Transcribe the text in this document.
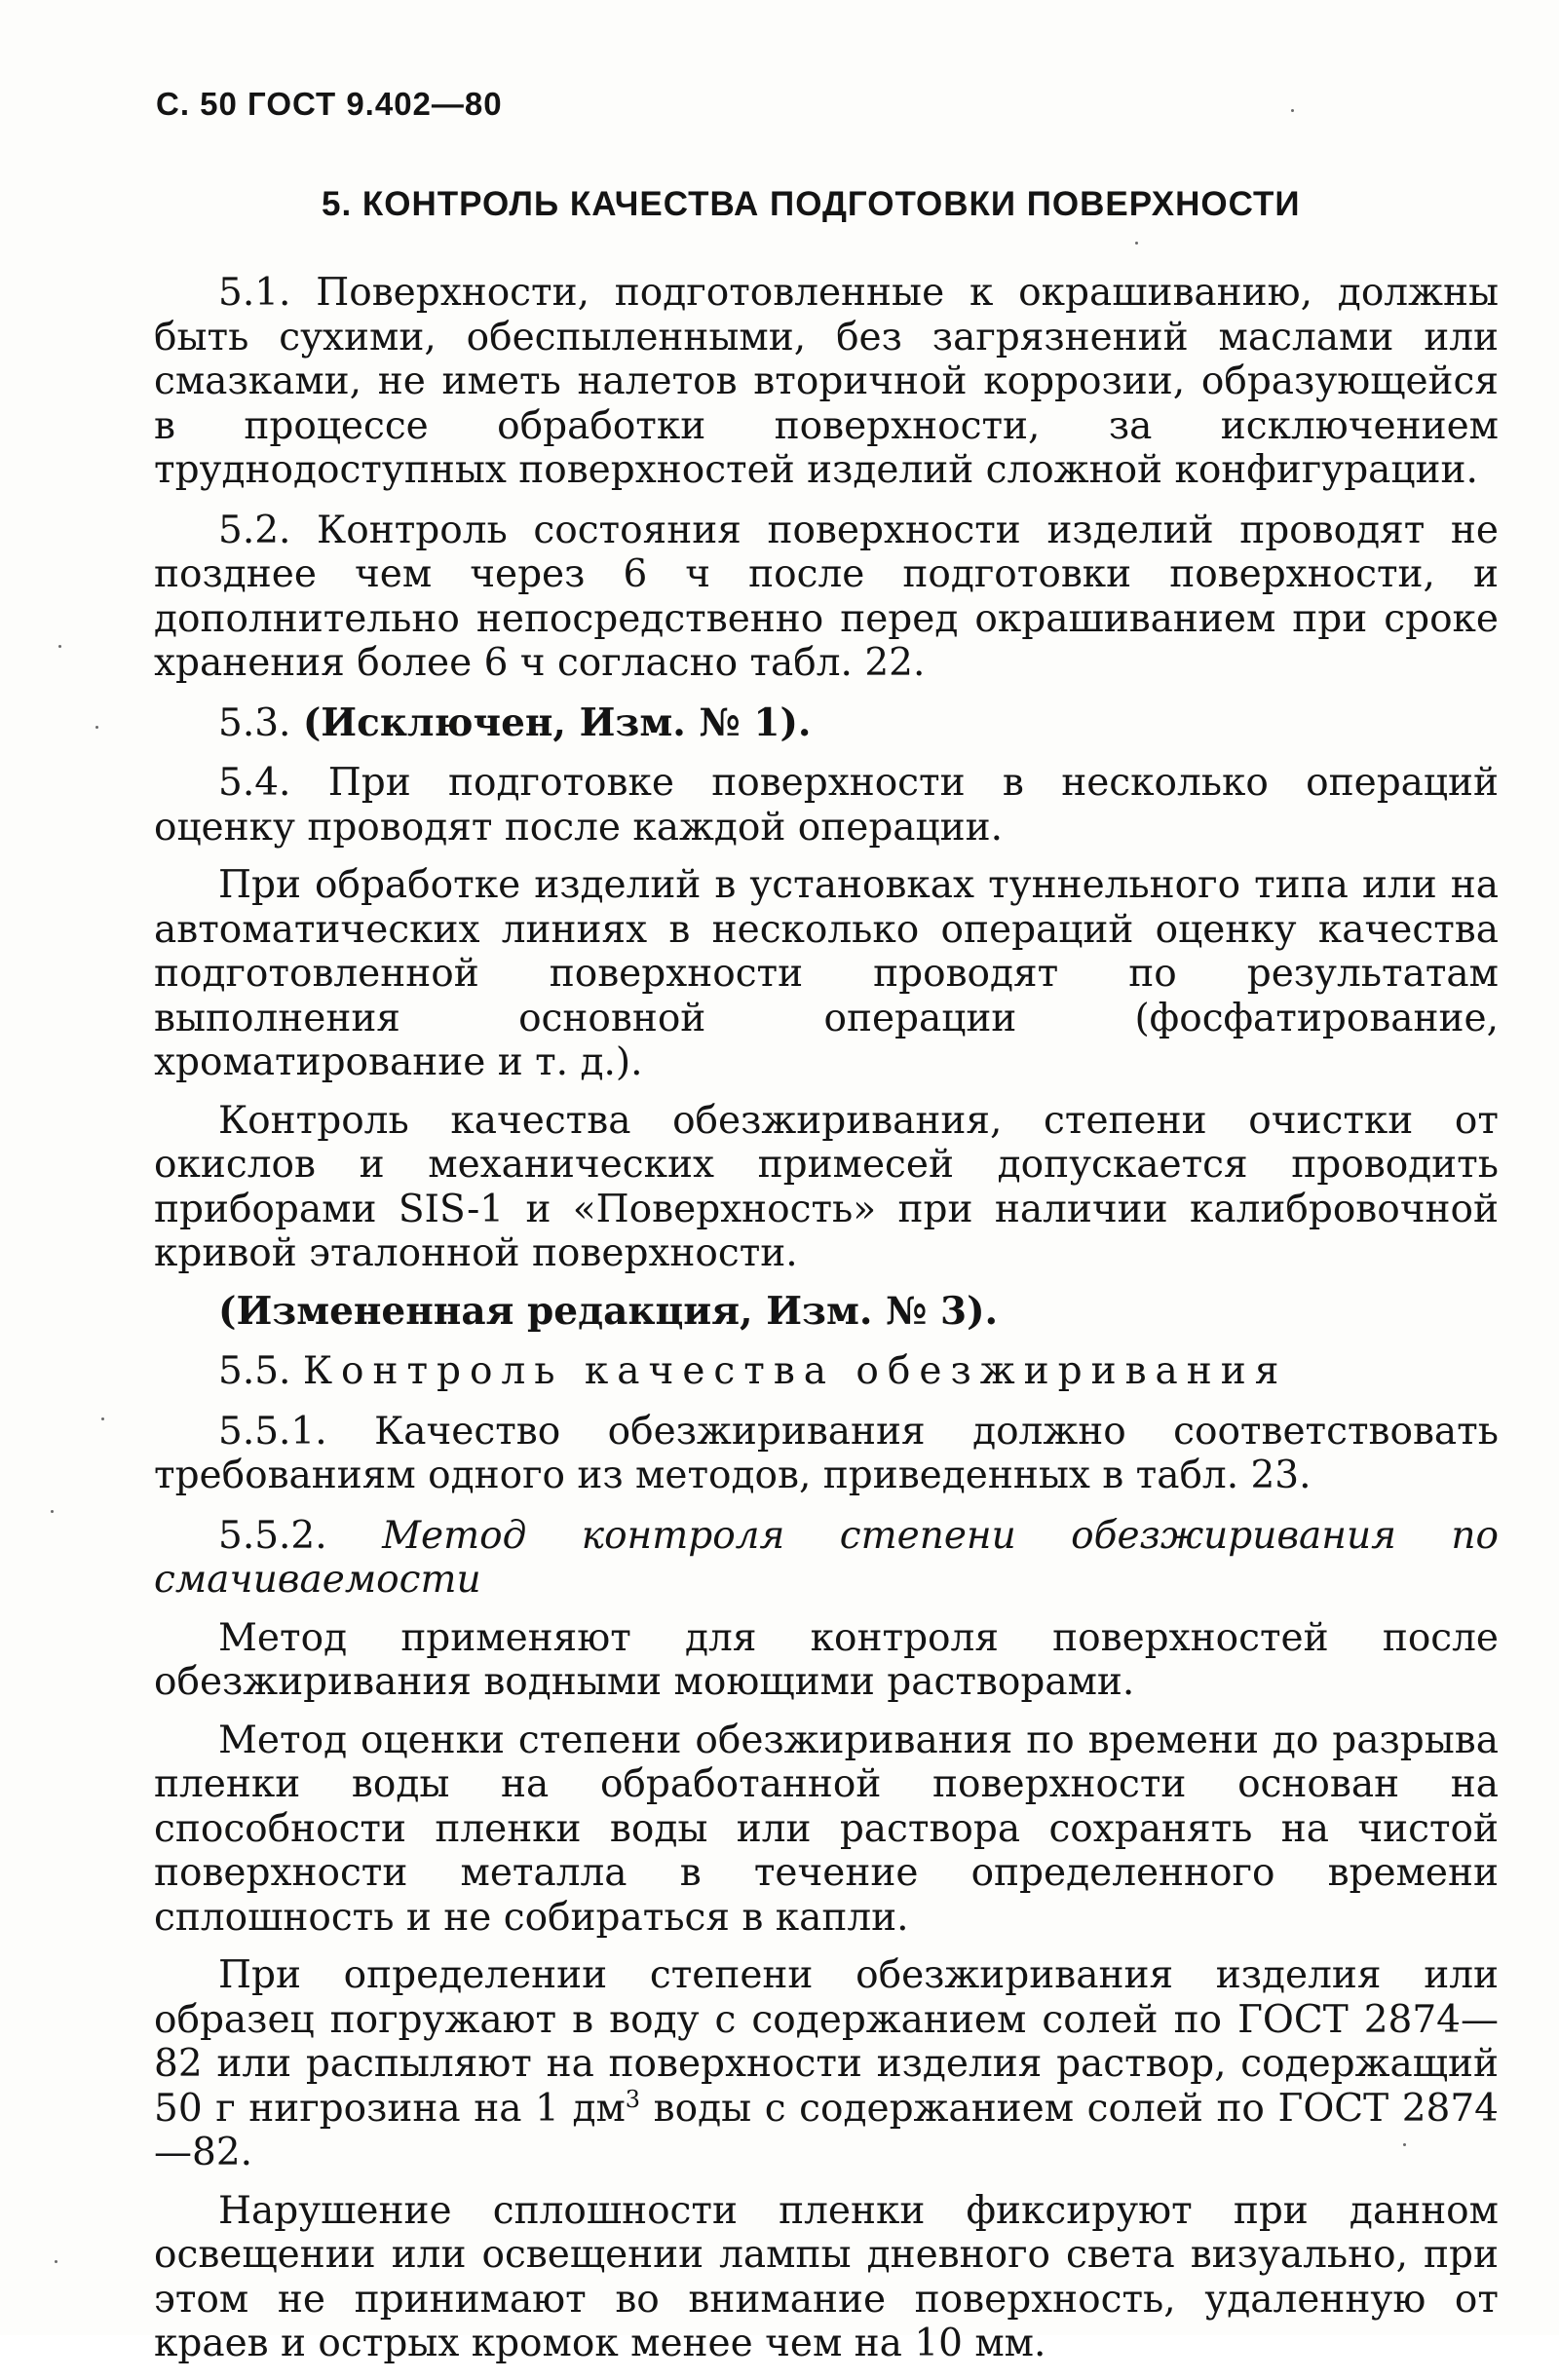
С. 50 ГОСТ 9.402—80
5. КОНТРОЛЬ КАЧЕСТВА ПОДГОТОВКИ ПОВЕРХНОСТИ

5.1. Поверхности, подготовленные к окрашиванию, должны быть сухими, обеспыленными, без загрязнений маслами или смазками, не иметь налетов вторичной коррозии, образующейся в процессе обработки поверхности, за исключением труднодоступных поверхностей изделий сложной конфигурации.

5.2. Контроль состояния поверхности изделий проводят не позднее чем через 6 ч после подготовки поверхности, и дополнительно непосредственно перед окрашиванием при сроке хранения более 6 ч согласно табл. 22.

5.3. (Исключен, Изм. № 1).

5.4. При подготовке поверхности в несколько операций оценку проводят после каждой операции.

При обработке изделий в установках туннельного типа или на автоматических линиях в несколько операций оценку качества подготовленной поверхности проводят по результатам выполнения основной операции (фосфатирование, хроматирование и т. д.).

Контроль качества обезжиривания, степени очистки от окислов и механических примесей допускается проводить приборами SIS-1 и «Поверхность» при наличии калибровочной кривой эталонной поверхности.

(Измененная редакция, Изм. № 3).

5.5. Контроль качества обезжиривания

5.5.1. Качество обезжиривания должно соответствовать требованиям одного из методов, приведенных в табл. 23.

5.5.2. Метод контроля степени обезжиривания по смачиваемости

Метод применяют для контроля поверхностей после обезжиривания водными моющими растворами.

Метод оценки степени обезжиривания по времени до разрыва пленки воды на обработанной поверхности основан на способности пленки воды или раствора сохранять на чистой поверхности металла в течение определенного времени сплошность и не собираться в капли.

При определении степени обезжиривания изделия или образец погружают в воду с содержанием солей по ГОСТ 2874—82 или распыляют на поверхности изделия раствор, содержащий 50 г нигрозина на 1 $дм^3$ воды с содержанием солей по ГОСТ 2874—82.

Нарушение сплошности пленки фиксируют при данном освещении или освещении лампы дневного света визуально, при этом не принимают во внимание поверхность, удаленную от краев и острых кромок менее чем на 10 мм.
